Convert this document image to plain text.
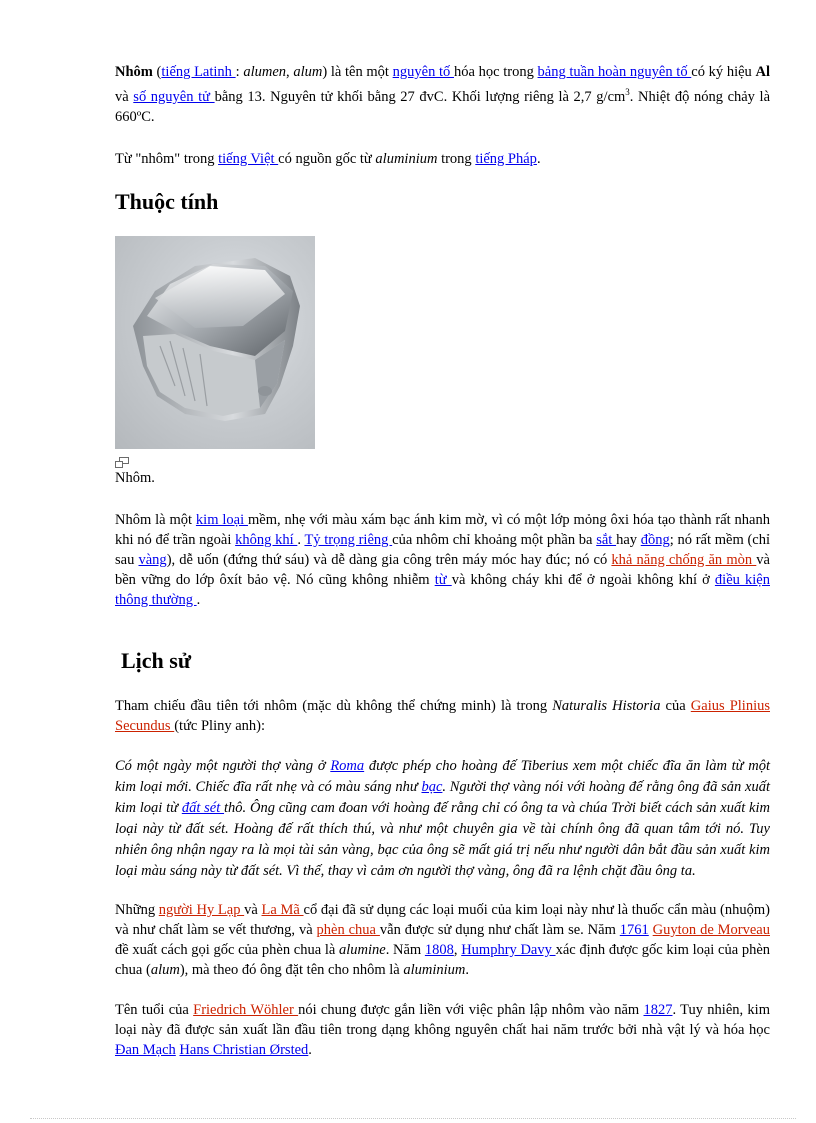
Nhôm (tiếng Latinh : alumen, alum) là tên một nguyên tố hóa học trong bảng tuần hoàn nguyên tố có ký hiệu Al và số nguyên tử bằng 13. Nguyên tử khối bằng 27 đvC. Khối lượng riêng là 2,7 $g/cm^3$. Nhiệt độ nóng chảy là 660ºC.

Từ "nhôm" trong tiếng Việt có nguồn gốc từ aluminium trong tiếng Pháp.

Thuộc tính

Nhôm.

Nhôm là một kim loại mềm, nhẹ với màu xám bạc ánh kim mờ, vì có một lớp mỏng ôxi hóa tạo thành rất nhanh khi nó để trần ngoài không khí . Tỷ trọng riêng của nhôm chỉ khoảng một phần ba sắt hay đồng; nó rất mềm (chỉ sau vàng), dễ uốn (đứng thứ sáu) và dễ dàng gia công trên máy móc hay đúc; nó có khả năng chống ăn mòn và bền vững do lớp ôxít bảo vệ. Nó cũng không nhiễm từ và không cháy khi để ở ngoài không khí ở điều kiện thông thường .

Lịch sử

Tham chiếu đầu tiên tới nhôm (mặc dù không thể chứng minh) là trong Naturalis Historia của Gaius Plinius Secundus (tức Pliny anh):

Có một ngày một người thợ vàng ở Roma được phép cho hoàng đế Tiberius xem một chiếc đĩa ăn làm từ một kim loại mới. Chiếc đĩa rất nhẹ và có màu sáng như bạc. Người thợ vàng nói với hoàng đế rằng ông đã sản xuất kim loại từ đất sét thô. Ông cũng cam đoan với hoàng đế rằng chỉ có ông ta và chúa Trời biết cách sản xuất kim loại này từ đất sét. Hoàng đế rất thích thú, và như một chuyên gia về tài chính ông đã quan tâm tới nó. Tuy nhiên ông nhận ngay ra là mọi tài sản vàng, bạc của ông sẽ mất giá trị nếu như người dân bắt đầu sản xuất kim loại màu sáng này từ đất sét. Vì thế, thay vì cảm ơn người thợ vàng, ông đã ra lệnh chặt đầu ông ta.

Những người Hy Lạp và La Mã cổ đại đã sử dụng các loại muối của kim loại này như là thuốc cẩn màu (nhuộm) và như chất làm se vết thương, và phèn chua vẫn được sử dụng như chất làm se. Năm 1761 Guyton de Morveau đề xuất cách gọi gốc của phèn chua là alumine. Năm 1808, Humphry Davy xác định được gốc kim loại của phèn chua (alum), mà theo đó ông đặt tên cho nhôm là aluminium.

Tên tuổi của Friedrich Wöhler nói chung được gắn liền với việc phân lập nhôm vào năm 1827. Tuy nhiên, kim loại này đã được sản xuất lần đầu tiên trong dạng không nguyên chất hai năm trước bởi nhà vật lý và hóa học Đan Mạch Hans Christian Ørsted.
